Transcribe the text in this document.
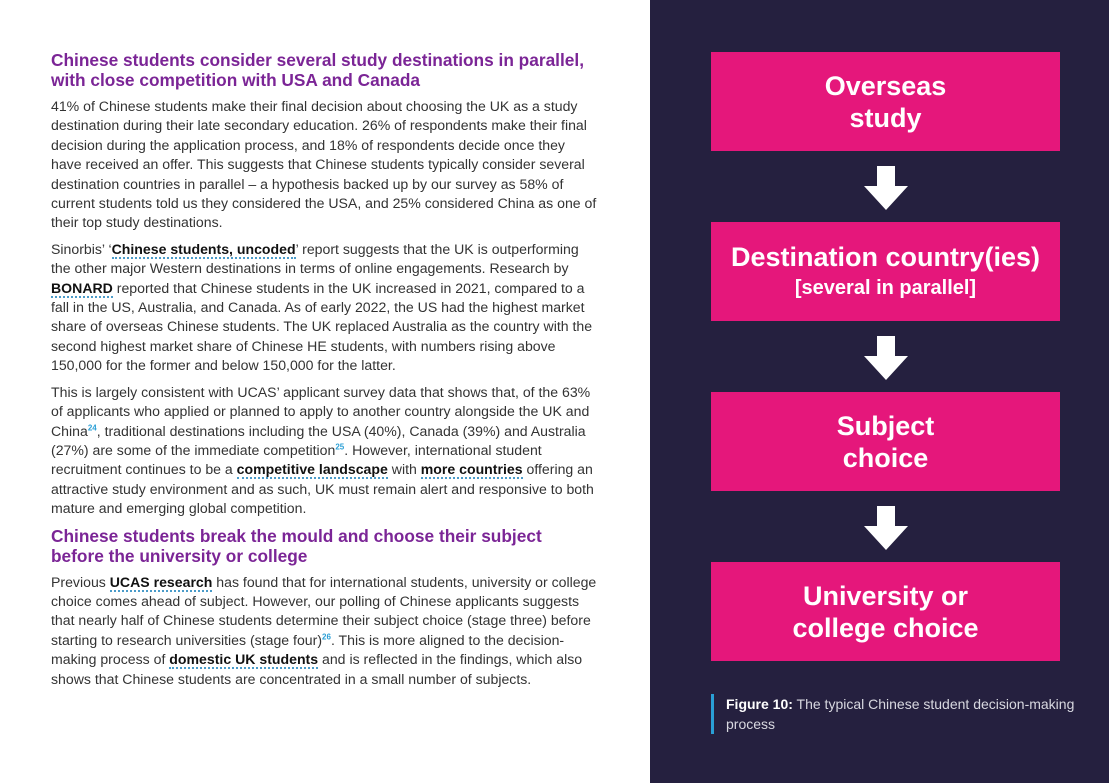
Chinese students consider several study destinations in parallel, with close competition with USA and Canada

41% of Chinese students make their final decision about choosing the UK as a study destination during their late secondary education. 26% of respondents make their final decision during the application process, and 18% of respondents decide once they have received an offer. This suggests that Chinese students typically consider several destination countries in parallel – a hypothesis backed up by our survey as 58% of current students told us they considered the USA, and 25% considered China as one of their top study destinations.

Sinorbis’ ‘Chinese students, uncoded’ report suggests that the UK is outperforming the other major Western destinations in terms of online engagements. Research by BONARD reported that Chinese students in the UK increased in 2021, compared to a fall in the US, Australia, and Canada. As of early 2022, the US had the highest market share of overseas Chinese students. The UK replaced Australia as the country with the second highest market share of Chinese HE students, with numbers rising above 150,000 for the former and below 150,000 for the latter.

This is largely consistent with UCAS’ applicant survey data that shows that, of the 63% of applicants who applied or planned to apply to another country alongside the UK and China$^{24}$, traditional destinations including the USA (40%), Canada (39%) and Australia (27%) are some of the immediate competition$^{25}$. However, international student recruitment continues to be a competitive landscape with more countries offering an attractive study environment and as such, UK must remain alert and responsive to both mature and emerging global competition.

Chinese students break the mould and choose their subject before the university or college

Previous UCAS research has found that for international students, university or college choice comes ahead of subject. However, our polling of Chinese applicants suggests that nearly half of Chinese students determine their subject choice (stage three) before starting to research universities (stage four)$^{26}$. This is more aligned to the decision-making process of domestic UK students and is reflected in the findings, which also shows that Chinese students are concentrated in a small number of subjects.

Overseas
study
Destination country(ies)
[several in parallel]
Subject
choice
University or
college choice
Figure 10: The typical Chinese student decision-making process
